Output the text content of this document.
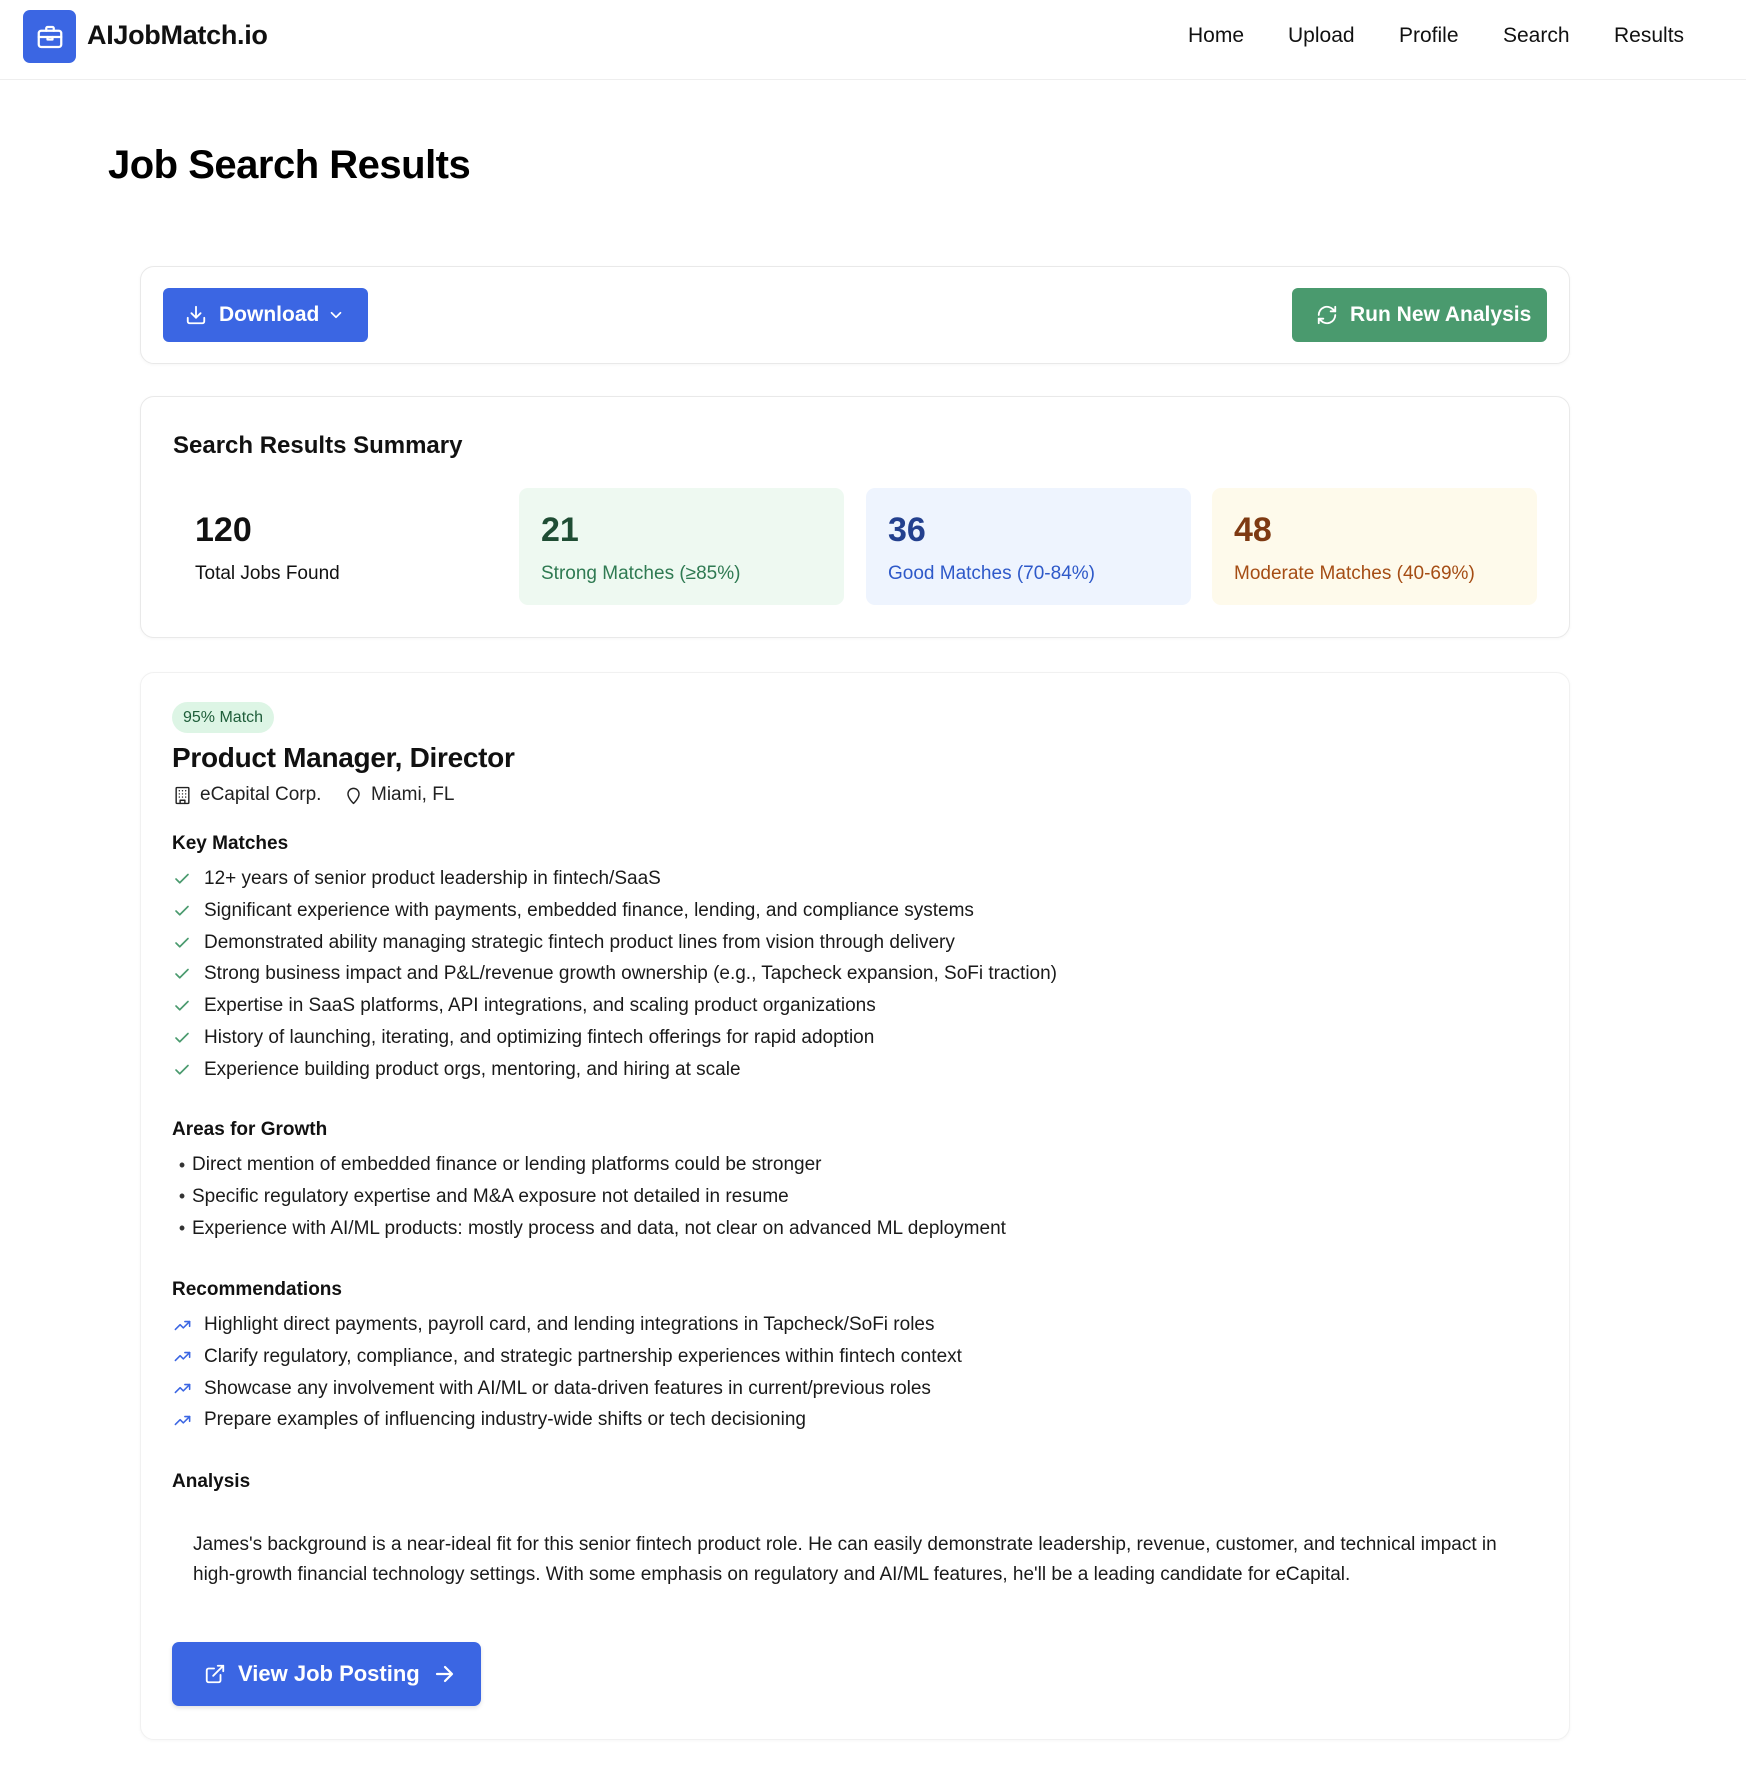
AIJobMatch.io	Home Upload Profile Search Results
Job Search Results
Download	Run New Analysis
Search Results Summary
120
Total Jobs Found
21
Strong Matches (≥85%)
36
Good Matches (70-84%)
48
Moderate Matches (40-69%)
95% Match
Product Manager, Director
eCapital Corp.	Miami, FL
Key Matches
12+ years of senior product leadership in fintech/SaaS
Significant experience with payments, embedded finance, lending, and compliance systems
Demonstrated ability managing strategic fintech product lines from vision through delivery
Strong business impact and P&L/revenue growth ownership (e.g., Tapcheck expansion, SoFi traction)
Expertise in SaaS platforms, API integrations, and scaling product organizations
History of launching, iterating, and optimizing fintech offerings for rapid adoption
Experience building product orgs, mentoring, and hiring at scale
Areas for Growth
• Direct mention of embedded finance or lending platforms could be stronger
• Specific regulatory expertise and M&A exposure not detailed in resume
• Experience with AI/ML products: mostly process and data, not clear on advanced ML deployment
Recommendations
Highlight direct payments, payroll card, and lending integrations in Tapcheck/SoFi roles
Clarify regulatory, compliance, and strategic partnership experiences within fintech context
Showcase any involvement with AI/ML or data-driven features in current/previous roles
Prepare examples of influencing industry-wide shifts or tech decisioning
Analysis
James's background is a near-ideal fit for this senior fintech product role. He can easily demonstrate leadership, revenue, customer, and technical impact in high-growth financial technology settings. With some emphasis on regulatory and AI/ML features, he'll be a leading candidate for eCapital.
View Job Posting
